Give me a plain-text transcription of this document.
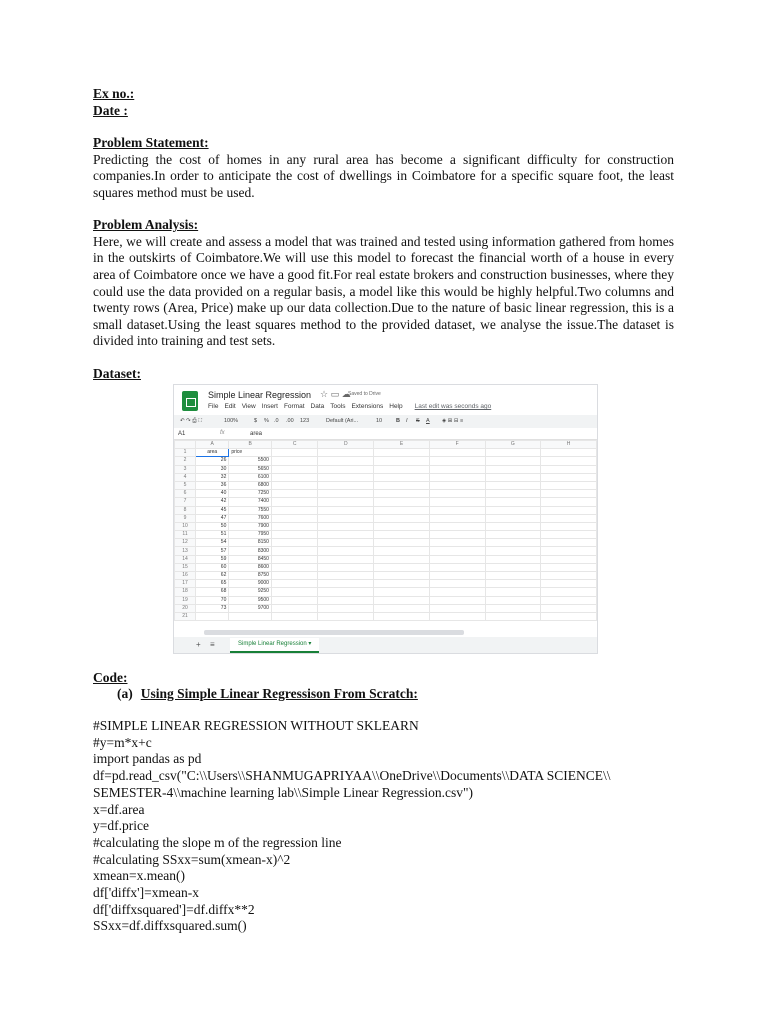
Ex no.:
Date :
Problem Statement:

Predicting the cost of homes in any rural area has become a significant difficulty for construction companies.In order to anticipate the cost of dwellings in Coimbatore for a specific square foot, the least squares method must be used.

Problem Analysis:

Here, we will create and assess a model that was trained and tested using information gathered from homes in the outskirts of Coimbatore.We will use this model to forecast the financial worth of a house in every area of Coimbatore once we have a good fit.For real estate brokers and construction businesses, where they could use the data provided on a regular basis, a model like this would be highly helpful.Two columns and twenty rows (Area, Price) make up our data collection.Due to the nature of basic linear regression, this is a small dataset.Using the least squares method to the provided dataset, we analyse the issue.The dataset is divided into training and test sets.

Dataset:
Simple Linear Regression ☆ ▭ ☁
Saved to Drive
File Edit View Insert Format Data Tools Extensions Help Last edit was seconds ago
↶ ↷ ⎙ ⛶	100%	$ % .0 .00 123	Default (Ari...	10	B I S A ◈ ⊞ ⊟ ≡
A1	fx	area
	A	B	C	D	E	F	G	H
1	area	price						
2	26	5500						
3	30	5650						
4	32	6100						
5	36	6800						
6	40	7250						
7	42	7400						
8	45	7550						
9	47	7600						
10	50	7900						
11	51	7950						
12	54	8150						
13	57	8300						
14	59	8450						
15	60	8600						
16	62	8750						
17	65	9000						
18	68	9250						
19	70	9500						
20	73	9700						
21								
+ ≡	Simple Linear Regression ▾
Code:
(a) Using Simple Linear Regressison From Scratch:
#SIMPLE LINEAR REGRESSION WITHOUT SKLEARN
#y=m*x+c
import pandas as pd
df=pd.read_csv("C:\\Users\\SHANMUGAPRIYAA\\OneDrive\\Documents\\DATA SCIENCE\\
SEMESTER-4\\machine learning lab\\Simple Linear Regression.csv")
x=df.area
y=df.price
#calculating the slope m of the regression line
#calculating SSxx=sum(xmean-x)^2
xmean=x.mean()
df['diffx']=xmean-x
df['diffxsquared']=df.diffx**2
SSxx=df.diffxsquared.sum()
